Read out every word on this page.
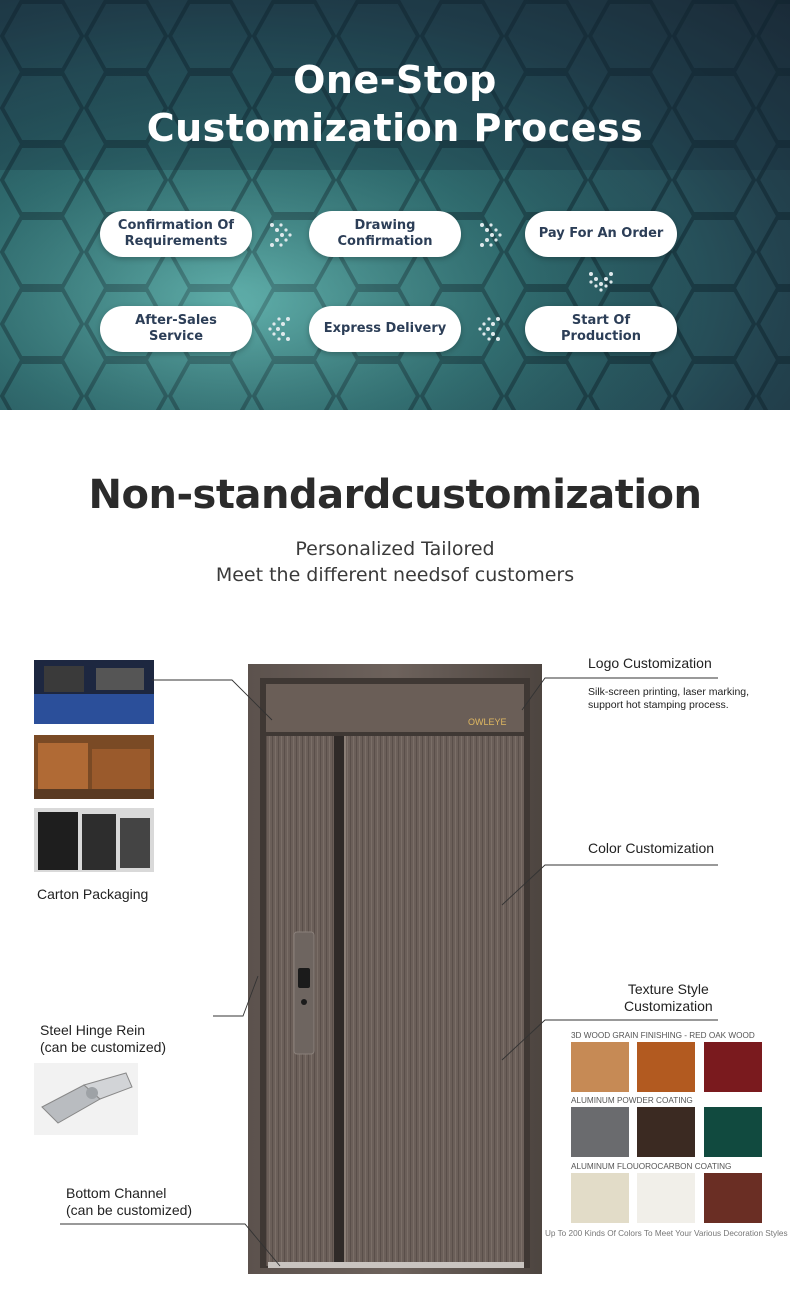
One-Stop
Customization Process
Confirmation Of Requirements
Drawing Confirmation
Pay For An Order
Start Of Production
Express Delivery
After-Sales Service
Non-standardcustomization
Personalized Tailored
Meet the different needsof customers
OWLEYE
Carton Packaging
Steel Hinge Rein
(can be customized)
Bottom Channel
(can be customized)
Logo Customization
Silk-screen printing, laser marking,
support hot stamping process.
Color Customization
Texture Style
Customization
3D WOOD GRAIN FINISHING - RED OAK WOOD
ALUMINUM POWDER COATING
ALUMINUM FLOUOROCARBON COATING
Up To 200 Kinds Of Colors To Meet Your Various Decoration Styles
